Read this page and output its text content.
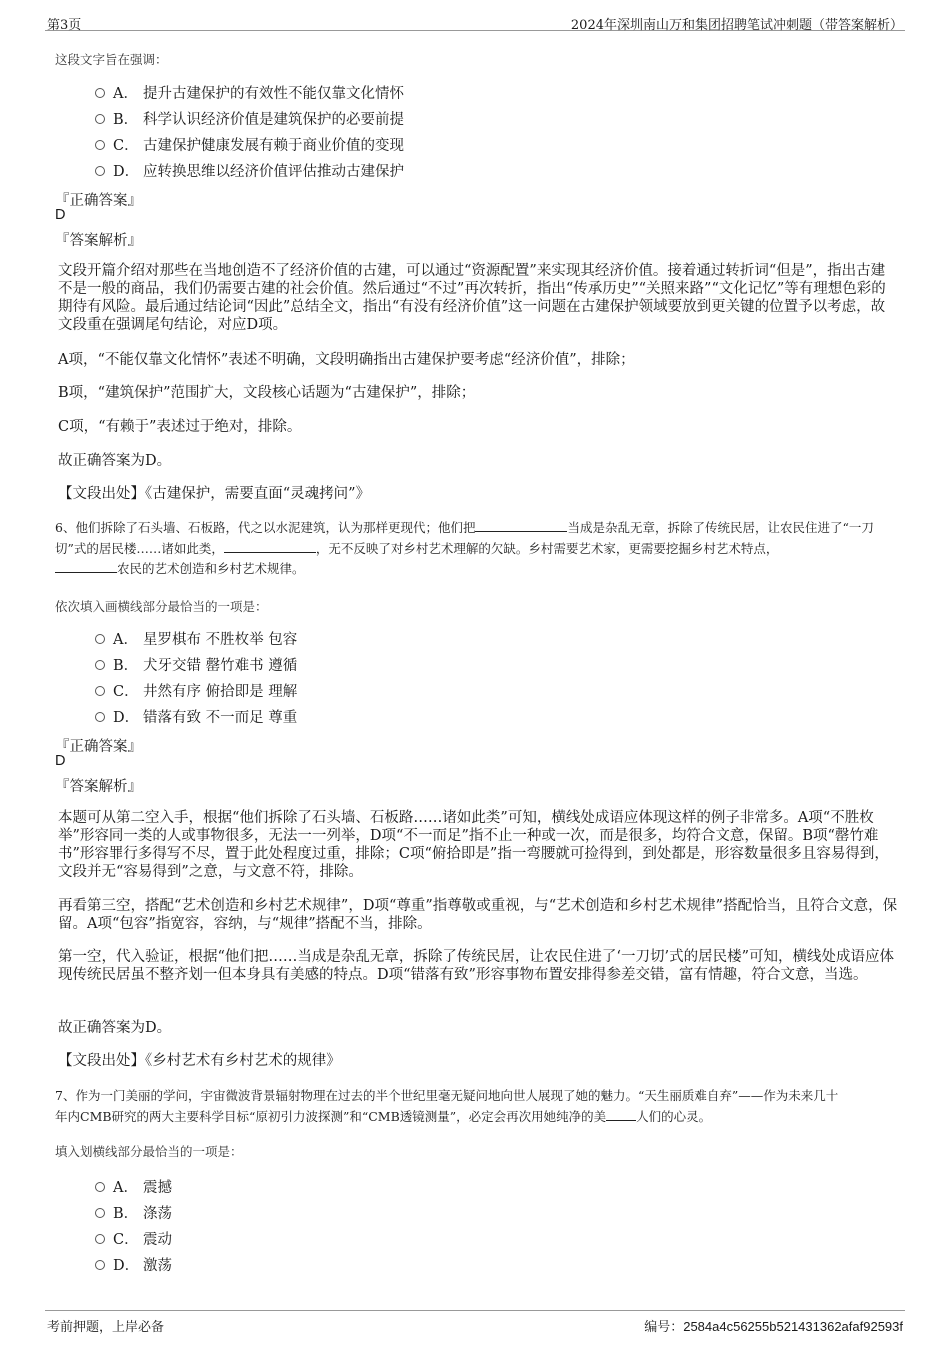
第3页	2024年深圳南山万和集团招聘笔试冲刺题（带答案解析）
这段文字旨在强调：
A． 提升古建保护的有效性不能仅靠文化情怀
B． 科学认识经济价值是建筑保护的必要前提
C． 古建保护健康发展有赖于商业价值的变现
D． 应转换思维以经济价值评估推动古建保护
『正确答案』
D
『答案解析』
文段开篇介绍对那些在当地创造不了经济价值的古建，可以通过“资源配置”来实现其经济价值。接着通过转折词“但是”，指出古建不是一般的商品，我们仍需要古建的社会价值。然后通过“不过”再次转折，指出“传承历史”“关照来路”“文化记忆”等有理想色彩的期待有风险。最后通过结论词“因此”总结全文，指出“有没有经济价值”这一问题在古建保护领域要放到更关键的位置予以考虑，故文段重在强调尾句结论，对应D项。
A项，“不能仅靠文化情怀”表述不明确，文段明确指出古建保护要考虑“经济价值”，排除；
B项，“建筑保护”范围扩大，文段核心话题为“古建保护”，排除；
C项，“有赖于”表述过于绝对，排除。
故正确答案为D。
【文段出处】《古建保护，需要直面“灵魂拷问”》
6、他们拆除了石头墙、石板路，代之以水泥建筑，认为那样更现代；他们把	当成是杂乱无章，拆除了传统民居，让农民住进了“一刀切”式的居民楼……诸如此类，	，无不反映了对乡村艺术理解的欠缺。乡村需要艺术家，更需要挖掘乡村艺术特点，
农民的艺术创造和乡村艺术规律。
依次填入画横线部分最恰当的一项是：
A． 星罗棋布 不胜枚举 包容
B． 犬牙交错 罄竹难书 遵循
C． 井然有序 俯拾即是 理解
D． 错落有致 不一而足 尊重
『正确答案』
D
『答案解析』
本题可从第二空入手，根据“他们拆除了石头墙、石板路……诸如此类”可知，横线处成语应体现这样的例子非常多。A项“不胜枚举”形容同一类的人或事物很多，无法一一列举，D项“不一而足”指不止一种或一次，而是很多，均符合文意，保留。B项“罄竹难书”形容罪行多得写不尽，置于此处程度过重，排除；C项“俯拾即是”指一弯腰就可捡得到，到处都是，形容数量很多且容易得到，文段并无“容易得到”之意，与文意不符，排除。
再看第三空，搭配“艺术创造和乡村艺术规律”，D项“尊重”指尊敬或重视，与“艺术创造和乡村艺术规律”搭配恰当，且符合文意，保留。A项“包容”指宽容，容纳，与“规律”搭配不当，排除。
第一空，代入验证，根据“他们把……当成是杂乱无章，拆除了传统民居，让农民住进了‘一刀切’式的居民楼”可知，横线处成语应体现传统民居虽不整齐划一但本身具有美感的特点。D项“错落有致”形容事物布置安排得参差交错，富有情趣，符合文意，当选。
故正确答案为D。
【文段出处】《乡村艺术有乡村艺术的规律》
7、作为一门美丽的学问，宇宙微波背景辐射物理在过去的半个世纪里毫无疑问地向世人展现了她的魅力。“天生丽质难自弃”——作为未来几十
年内CMB研究的两大主要科学目标“原初引力波探测”和“CMB透镜测量”，必定会再次用她纯净的美 人们的心灵。
填入划横线部分最恰当的一项是：
A． 震撼
B． 涤荡
C． 震动
D． 激荡
考前押题，上岸必备	编号：2584a4c56255b521431362afaf92593f
